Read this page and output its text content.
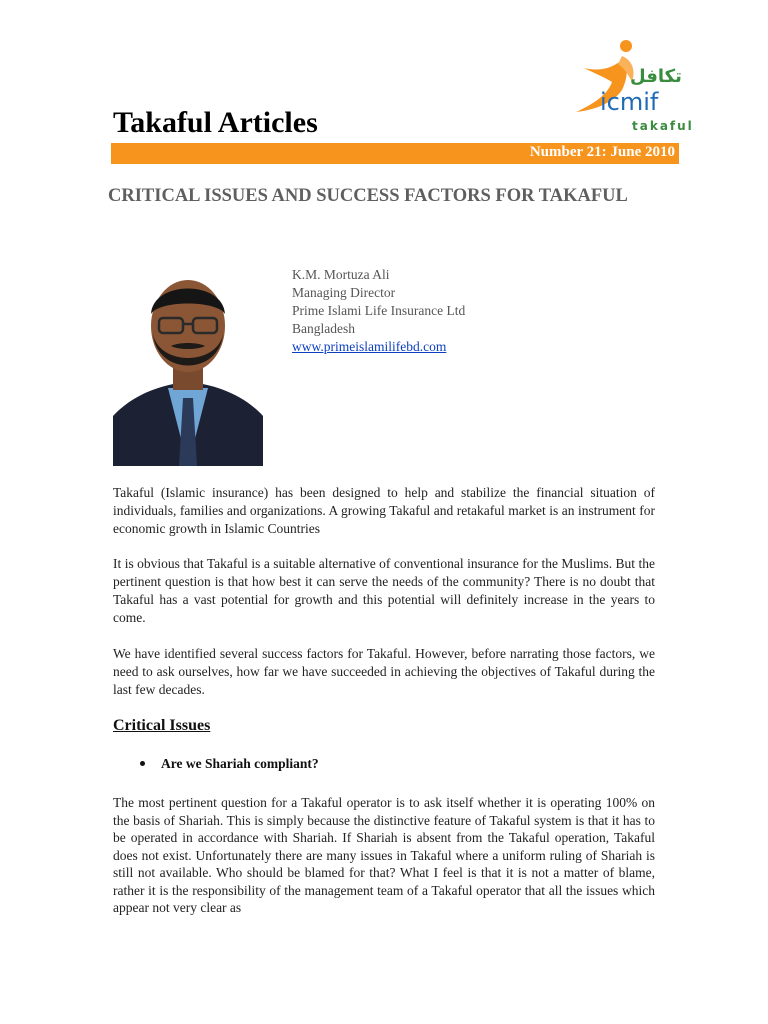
تكافل
icmif
takaful
Takaful Articles
Number 21: June 2010
CRITICAL ISSUES AND SUCCESS FACTORS FOR TAKAFUL
K.M. Mortuza Ali
Managing Director
Prime Islami Life Insurance Ltd
Bangladesh
www.primeislamilifebd.com
Takaful (Islamic insurance) has been designed to help and stabilize the financial situation of individuals, families and organizations. A growing Takaful and retakaful market is an instrument for economic growth in Islamic Countries
It is obvious that Takaful is a suitable alternative of conventional insurance for the Muslims. But the pertinent question is that how best it can serve the needs of the community? There is no doubt that Takaful has a vast potential for growth and this potential will definitely increase in the years to come.
We have identified several success factors for Takaful. However, before narrating those factors, we need to ask ourselves, how far we have succeeded in achieving the objectives of Takaful during the last few decades.
Critical Issues
Are we Shariah compliant?
The most pertinent question for a Takaful operator is to ask itself whether it is operating 100% on the basis of Shariah. This is simply because the distinctive feature of Takaful system is that it has to be operated in accordance with Shariah. If Shariah is absent from the Takaful operation, Takaful does not exist. Unfortunately there are many issues in Takaful where a uniform ruling of Shariah is still not available. Who should be blamed for that? What I feel is that it is not a matter of blame, rather it is the responsibility of the management team of a Takaful operator that all the issues which appear not very clear as
